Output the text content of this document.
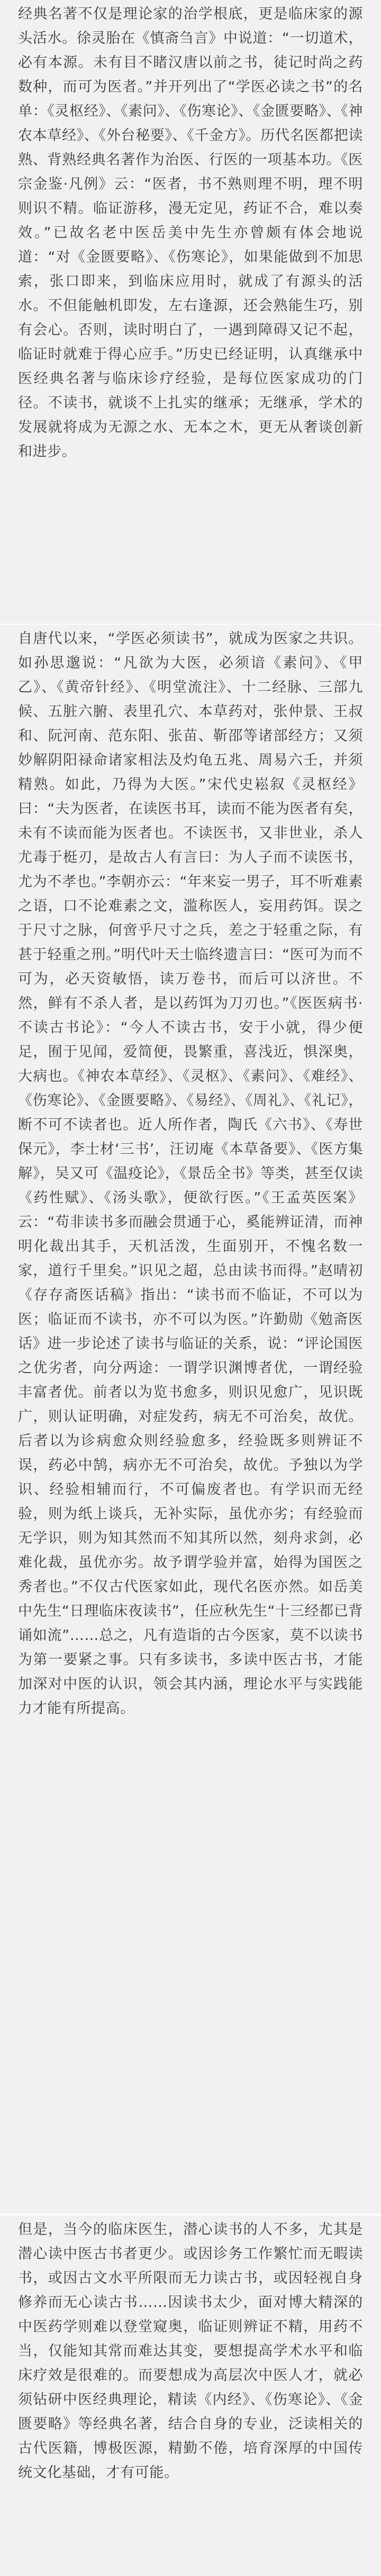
经典名著不仅是理论家的治学根底，更是临床家的源头活水。徐灵胎在《慎斋刍言》中说道：“一切道术，必有本源。未有目不睹汉唐以前之书，徒记时尚之药数种，而可为医者。”并开列出了“学医必读之书”的名单：《灵枢经》、《素问》、《伤寒论》、《金匮要略》、《神农本草经》、《外台秘要》、《千金方》。历代名医都把读熟、背熟经典名著作为治医、行医的一项基本功。《医宗金鉴·凡例》云：“医者，书不熟则理不明，理不明则识不精。临证游移，漫无定见，药证不合，难以奏效。”已故名老中医岳美中先生亦曾颇有体会地说道：“对《金匮要略》、《伤寒论》，如果能做到不加思索，张口即来，到临床应用时，就成了有源头的活水。不但能触机即发，左右逢源，还会熟能生巧，别有会心。否则，读时明白了，一遇到障碍又记不起，临证时就难于得心应手。”历史已经证明，认真继承中医经典名著与临床诊疗经验，是每位医家成功的门径。不读书，就谈不上扎实的继承；无继承，学术的发展就将成为无源之水、无本之木，更无从奢谈创新和进步。

自唐代以来，“学医必须读书”，就成为医家之共识。如孙思邈说：“凡欲为大医，必须谙《素问》、《甲乙》、《黄帝针经》、《明堂流注》、十二经脉、三部九候、五脏六腑、表里孔穴、本草药对，张仲景、王叔和、阮河南、范东阳、张苗、靳邵等诸部经方；又须妙解阴阳禄命诸家相法及灼龟五兆、周易六壬，并须精熟。如此，乃得为大医。”宋代史崧叙《灵枢经》曰：“夫为医者，在读医书耳，读而不能为医者有矣，未有不读而能为医者也。不读医书，又非世业，杀人尤毒于梃刃，是故古人有言曰：为人子而不读医书，尤为不孝也。”李朝亦云：“年来妄一男子，耳不听难素之语，口不论难素之文，滥称医人，妄用药饵。误之于尺寸之脉，何啻乎尺寸之兵，差之于轻重之际，有甚于轻重之刑。”明代叶天士临终遗言曰：“医可为而不可为，必天资敏悟，读万卷书，而后可以济世。不然，鲜有不杀人者，是以药饵为刀刃也。”《医医病书·不读古书论》：“今人不读古书，安于小就，得少便足，囿于见闻，爱简便，畏繁重，喜浅近，惧深奥，大病也。《神农本草经》、《灵枢》、《素问》、《难经》、《伤寒论》、《金匮要略》、《易经》、《周礼》、《礼记》，断不可不读者也。近人所作者，陶氏《六书》、《寿世保元》，李士材‘三书’，汪讱庵《本草备要》、《医方集解》，吴又可《温疫论》，《景岳全书》等类，甚至仅读《药性赋》、《汤头歌》，便欲行医。”《王孟英医案》云：“苟非读书多而融会贯通于心，奚能辨证清，而神明化裁出其手，天机活泼，生面别开，不愧名数一家，道行千里矣。”识见之超，总由读书而得。”赵晴初《存存斋医话稿》指出：“读书而不临证，不可以为医；临证而不读书，亦不可以为医。”许勤勋《勉斋医话》进一步论述了读书与临证的关系，说：“评论国医之优劣者，向分两途：一谓学识渊博者优，一谓经验丰富者优。前者以为览书愈多，则识见愈广，见识既广，则认证明确，对症发药，病无不可治矣，故优。后者以为诊病愈众则经验愈多，经验既多则辨证不误，药必中鹄，病亦无不可治矣，故优。予独以为学识、经验相辅而行，不可偏废者也。有学识而无经验，则为纸上谈兵，无补实际，虽优亦劣；有经验而无学识，则为知其然而不知其所以然，刻舟求剑，必难化裁，虽优亦劣。故予谓学验并富，始得为国医之秀者也。”不仅古代医家如此，现代名医亦然。如岳美中先生“日理临床夜读书”，任应秋先生“十三经都已背诵如流”……总之，凡有造诣的古今医家，莫不以读书为第一要紧之事。只有多读书，多读中医古书，才能加深对中医的认识，领会其内涵，理论水平与实践能力才能有所提高。

但是，当今的临床医生，潜心读书的人不多，尤其是潜心读中医古书者更少。或因诊务工作繁忙而无暇读书，或因古文水平所限而无力读古书，或因轻视自身修养而无心读古书……因读书太少，面对博大精深的中医药学则难以登堂窥奥，临证则辨证不精，用药不当，仅能知其常而难达其变，要想提高学术水平和临床疗效是很难的。而要想成为高层次中医人才，就必须钻研中医经典理论，精读《内经》、《伤寒论》、《金匮要略》等经典名著，结合自身的专业，泛读相关的古代医籍，博极医源，精勤不倦，培育深厚的中国传统文化基础，才有可能。
